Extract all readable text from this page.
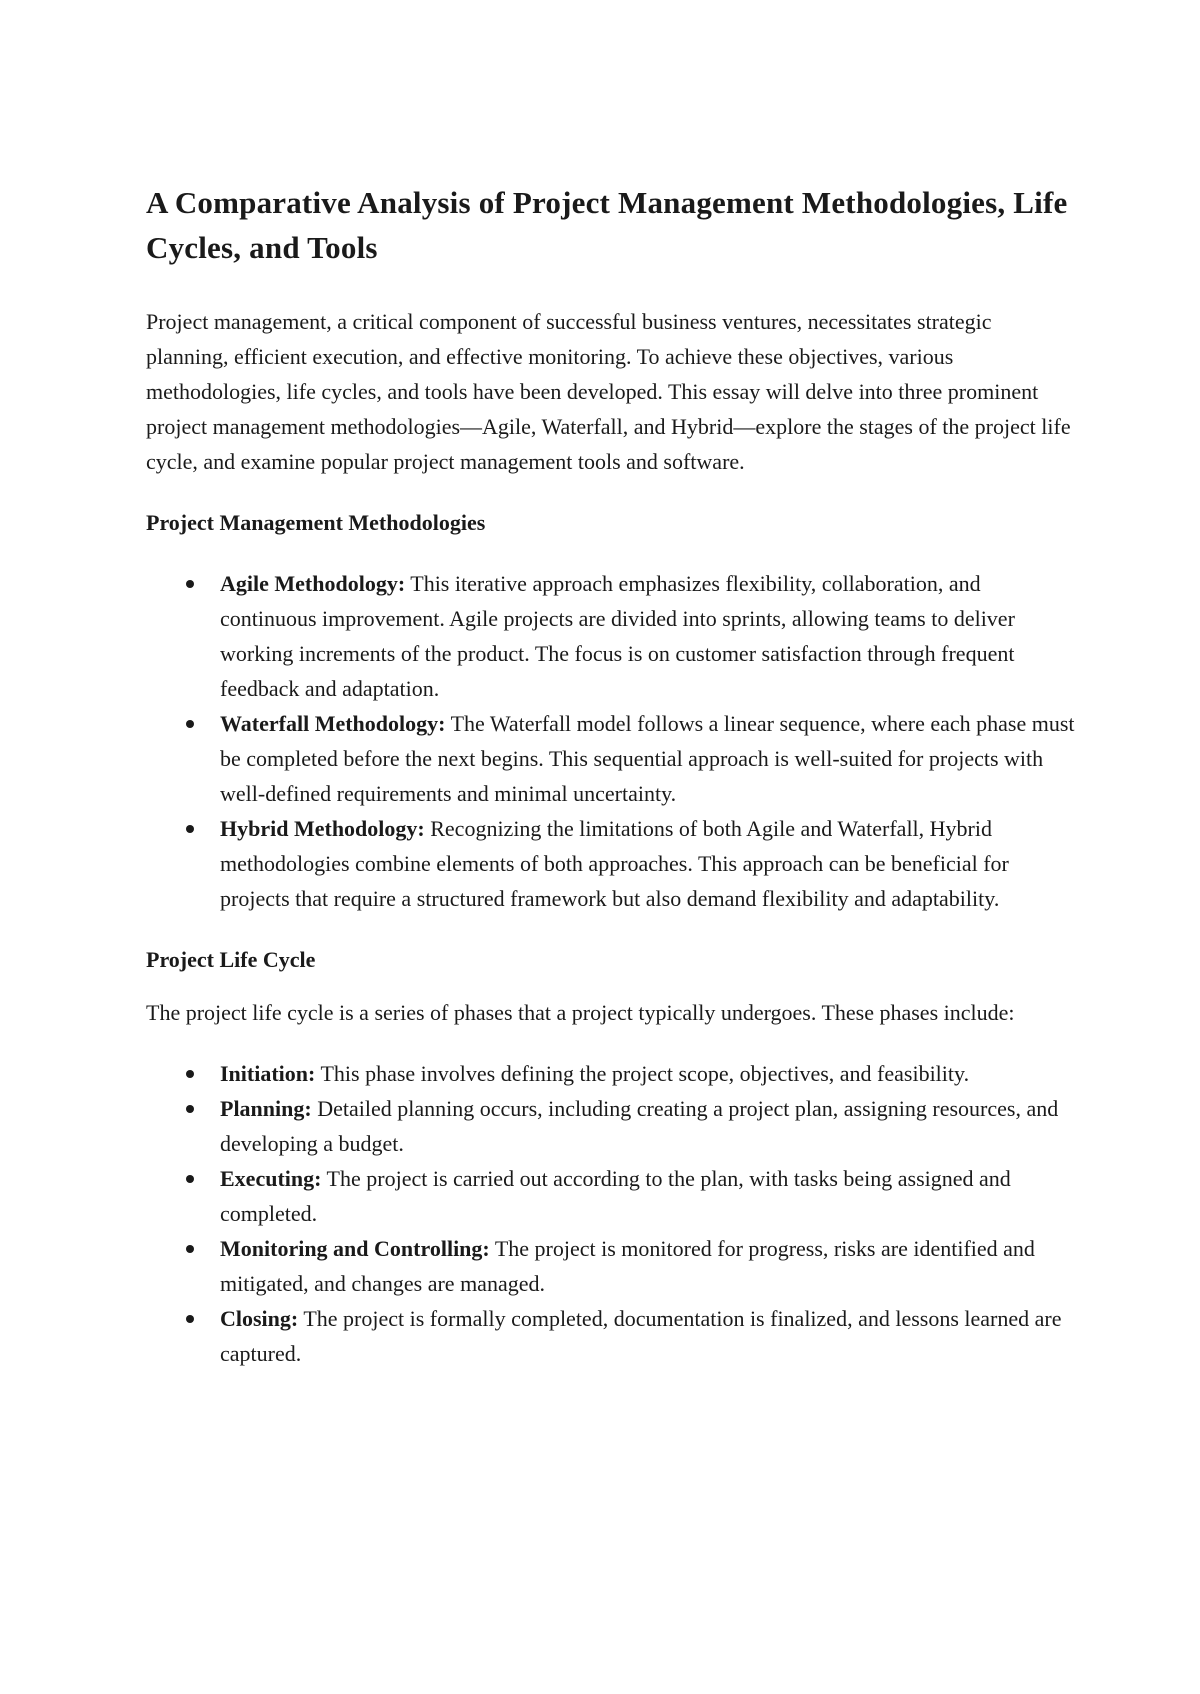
A Comparative Analysis of Project Management Methodologies, Life Cycles, and Tools

Project management, a critical component of successful business ventures, necessitates strategic planning, efficient execution, and effective monitoring. To achieve these objectives, various methodologies, life cycles, and tools have been developed. This essay will delve into three prominent project management methodologies—Agile, Waterfall, and Hybrid—explore the stages of the project life cycle, and examine popular project management tools and software.

Project Management Methodologies

Agile Methodology: This iterative approach emphasizes flexibility, collaboration, and continuous improvement. Agile projects are divided into sprints, allowing teams to deliver working increments of the product. The focus is on customer satisfaction through frequent feedback and adaptation.
Waterfall Methodology: The Waterfall model follows a linear sequence, where each phase must be completed before the next begins. This sequential approach is well-suited for projects with well-defined requirements and minimal uncertainty.
Hybrid Methodology: Recognizing the limitations of both Agile and Waterfall, Hybrid methodologies combine elements of both approaches. This approach can be beneficial for projects that require a structured framework but also demand flexibility and adaptability.

Project Life Cycle

The project life cycle is a series of phases that a project typically undergoes. These phases include:

Initiation: This phase involves defining the project scope, objectives, and feasibility.
Planning: Detailed planning occurs, including creating a project plan, assigning resources, and developing a budget.
Executing: The project is carried out according to the plan, with tasks being assigned and completed.
Monitoring and Controlling: The project is monitored for progress, risks are identified and mitigated, and changes are managed.
Closing: The project is formally completed, documentation is finalized, and lessons learned are captured.
